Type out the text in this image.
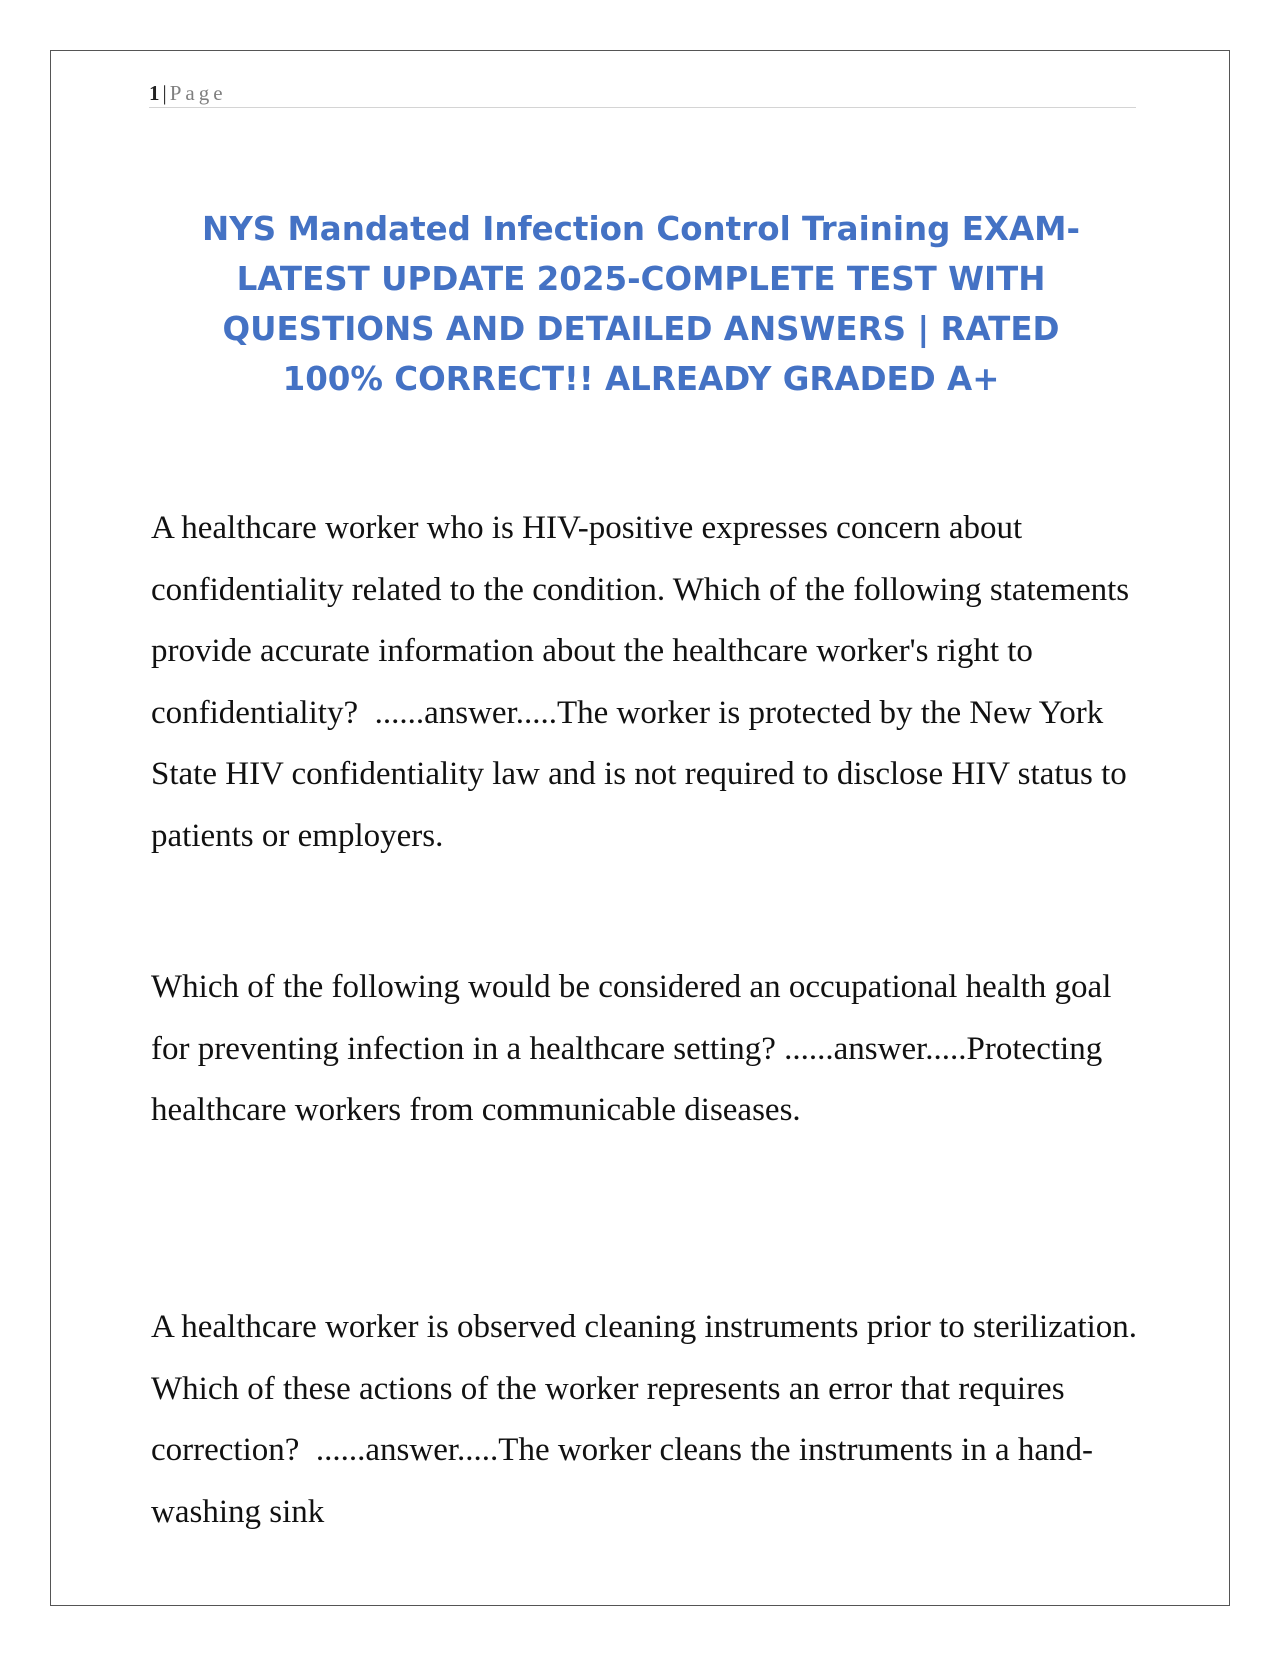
1 | Page
NYS Mandated Infection Control Training EXAM-LATEST UPDATE 2025-COMPLETE TEST WITH QUESTIONS AND DETAILED ANSWERS | RATED 100% CORRECT!! ALREADY GRADED A+

A healthcare worker who is HIV-positive expresses concern about confidentiality related to the condition. Which of the following statements provide accurate information about the healthcare worker's right to confidentiality? ......answer.....The worker is protected by the New York State HIV confidentiality law and is not required to disclose HIV status to patients or employers.

Which of the following would be considered an occupational health goal for preventing infection in a healthcare setting? ......answer.....Protecting healthcare workers from communicable diseases.

A healthcare worker is observed cleaning instruments prior to sterilization. Which of these actions of the worker represents an error that requires correction? ......answer.....The worker cleans the instruments in a hand-washing sink
